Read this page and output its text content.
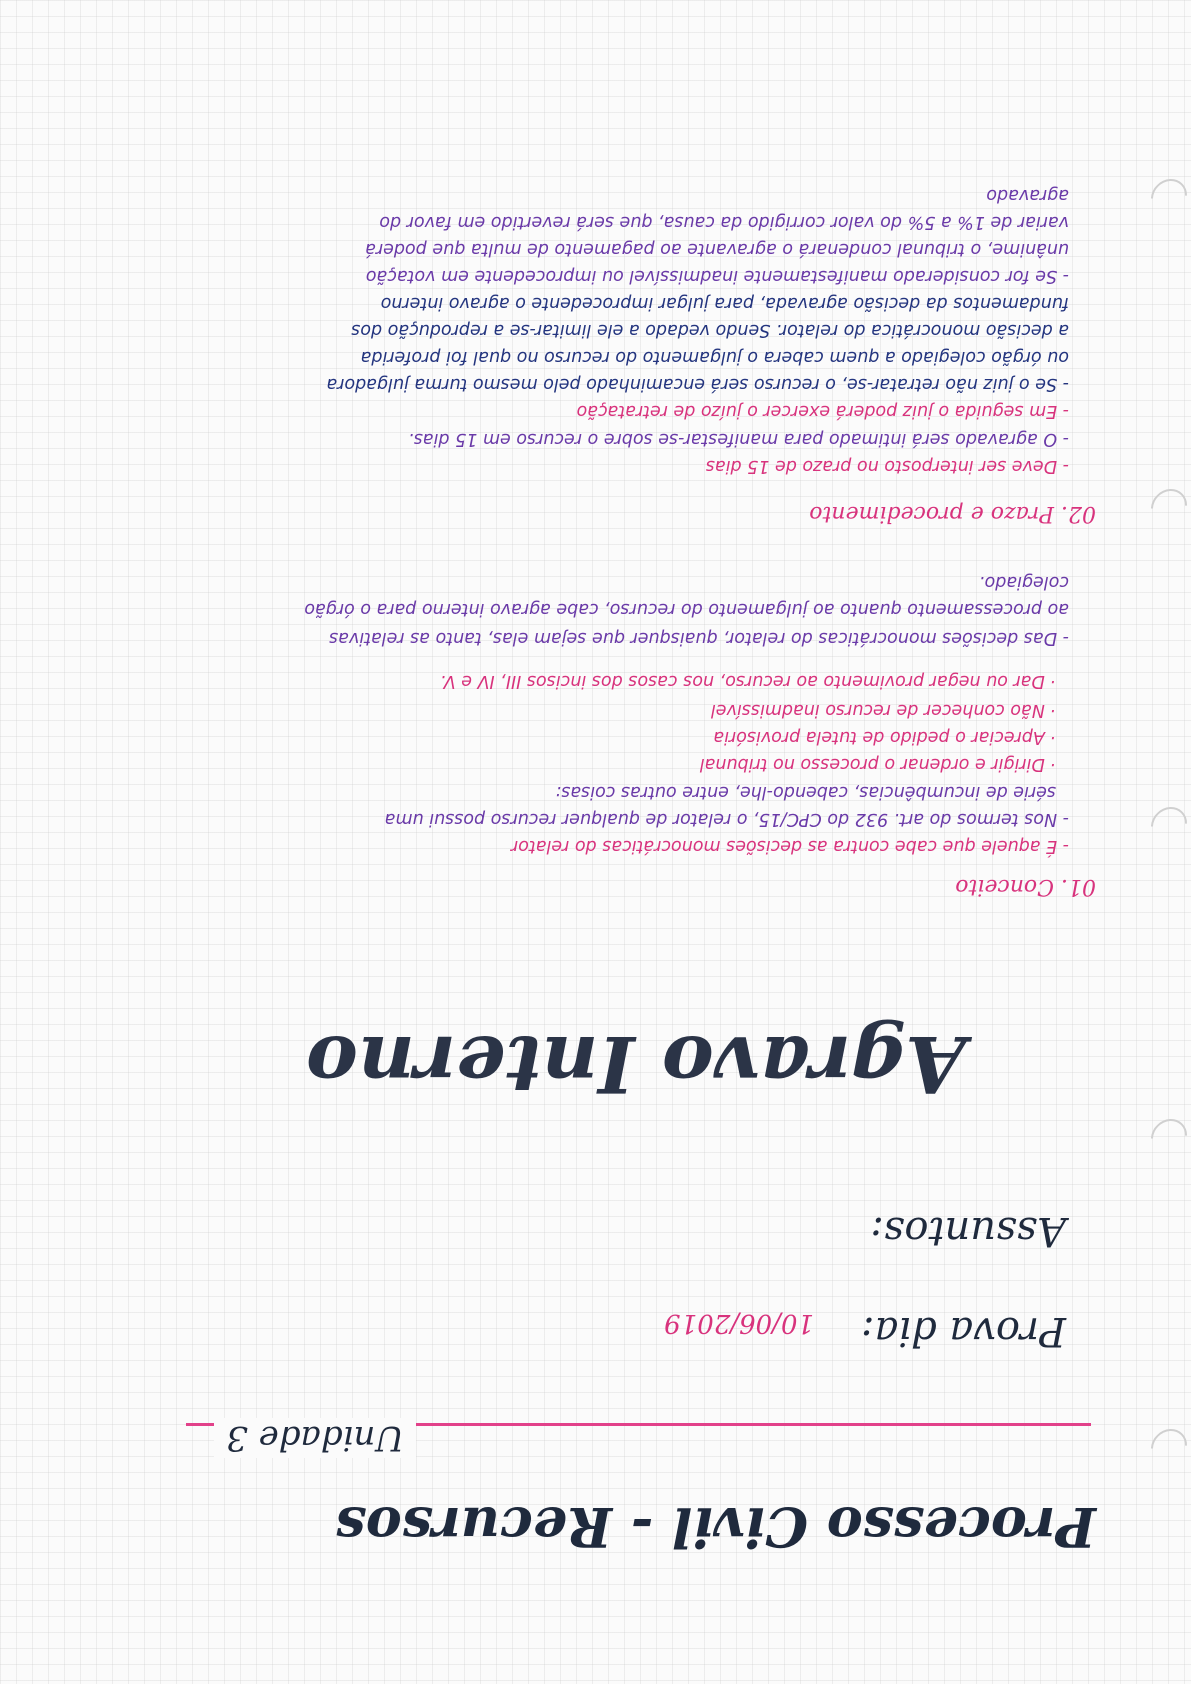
Processo Civil - Recursos
Unidade 3
Prova dia:
10/06/2019
Assuntos:
Agravo Interno
01. Conceito
- É aquele que cabe contra as decisões monocráticas do relator
- Nos termos do art. 932 do CPC/15, o relator de qualquer recurso possui uma
série de incumbências, cabendo-lhe, entre outras coisas:
· Dirigir e ordenar o processo no tribunal
· Apreciar o pedido de tutela provisória
· Não conhecer de recurso inadmissível
· Dar ou negar provimento ao recurso, nos casos dos incisos III, IV e V.
- Das decisões monocráticas do relator, quaisquer que sejam elas, tanto as relativas
ao processamento quanto ao julgamento do recurso, cabe agravo interno para o órgão
colegiado.
02. Prazo e procedimento
- Deve ser interposto no prazo de 15 dias
- O agravado será intimado para manifestar-se sobre o recurso em 15 dias.
- Em seguida o juiz poderá exercer o juízo de retratação
- Se o juiz não retratar-se, o recurso será encaminhado pelo mesmo turma julgadora
ou órgão colegiado a quem cabera o julgamento do recurso no qual foi proferida
a decisão monocrática do relator. Sendo vedado a ele limitar-se a reprodução dos
fundamentos da decisão agravada, para julgar improcedente o agravo interno
- Se for considerado manifestamente inadmissível ou improcedente em votação
unânime, o tribunal condenará o agravante ao pagamento de multa que poderá
variar de 1% a 5% do valor corrigido da causa, que será revertido em favor do
agravado
